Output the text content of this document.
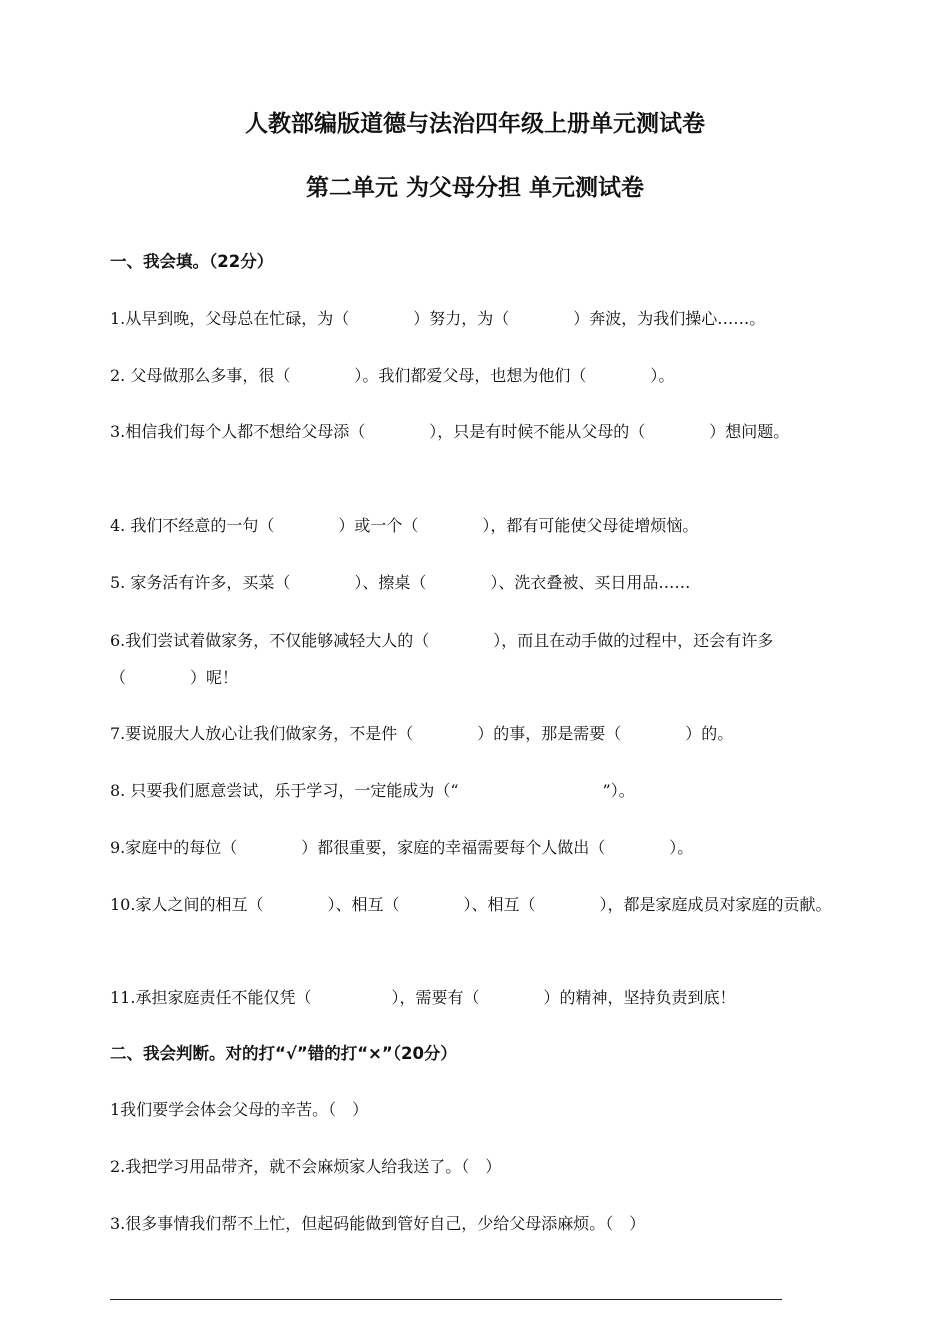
人教部编版道德与法治四年级上册单元测试卷
第二单元 为父母分担 单元测试卷
一、我会填。（22分）
1.从早到晚，父母总在忙碌，为（　　　　）努力，为（　　　　）奔波，为我们操心……。
2. 父母做那么多事，很（　　　　）。我们都爱父母，也想为他们（　　　　）。
3.相信我们每个人都不想给父母添（　　　　），只是有时候不能从父母的（　　　　）想问题。
4. 我们不经意的一句（　　　　）或一个（　　　　），都有可能使父母徒增烦恼。
5. 家务活有许多，买菜（　　　　）、擦桌（　　　　）、洗衣叠被、买日用品……
6.我们尝试着做家务，不仅能够减轻大人的（　　　　），而且在动手做的过程中，还会有许多（　　　　）呢！
7.要说服大人放心让我们做家务，不是件（　　　　）的事，那是需要（　　　　）的。
8. 只要我们愿意尝试，乐于学习，一定能成为（“　　　　　　　　　”）。
9.家庭中的每位（　　　　）都很重要，家庭的幸福需要每个人做出（　　　　）。
10.家人之间的相互（　　　　）、相互（　　　　）、相互（　　　　），都是家庭成员对家庭的贡献。
11.承担家庭责任不能仅凭（　　　　　），需要有（　　　　）的精神，坚持负责到底！
二、我会判断。对的打“√”错的打“×”（20分）
1我们要学会体会父母的辛苦。（　）
2.我把学习用品带齐，就不会麻烦家人给我送了。（　）
3.很多事情我们帮不上忙，但起码能做到管好自己，少给父母添麻烦。（　）
